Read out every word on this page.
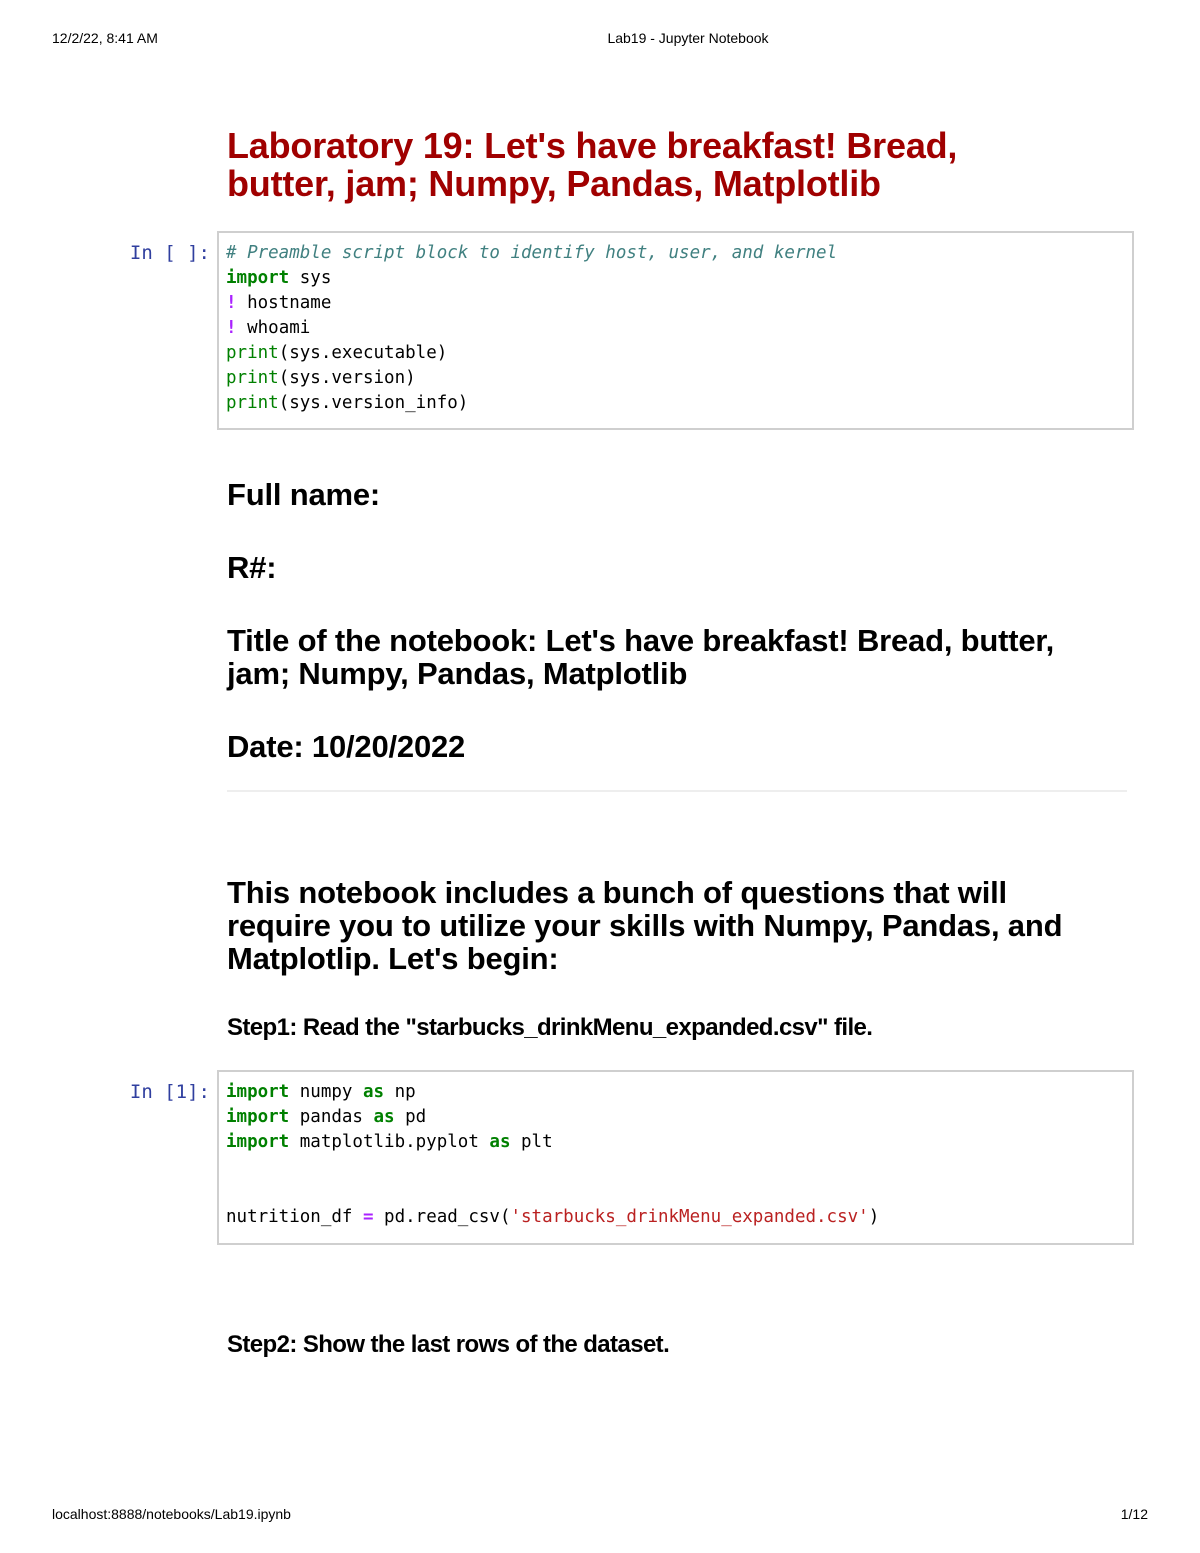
12/2/22, 8:41 AM	Lab19 - Jupyter Notebook
Laboratory 19: Let's have breakfast! Bread,
butter, jam; Numpy, Pandas, Matplotlib
In [ ]: # Preamble script block to identify host, user, and kernel
import sys
! hostname
! whoami
print(sys.executable)
print(sys.version)
print(sys.version_info)
Full name:
R#:
Title of the notebook: Let's have breakfast! Bread, butter,
jam; Numpy, Pandas, Matplotlib
Date: 10/20/2022
This notebook includes a bunch of questions that will
require you to utilize your skills with Numpy, Pandas, and
Matplotlip. Let's begin:
Step1: Read the "starbucks_drinkMenu_expanded.csv" file.
In [1]: import numpy as np
import pandas as pd
import matplotlib.pyplot as plt

nutrition_df = pd.read_csv('starbucks_drinkMenu_expanded.csv')
Step2: Show the last rows of the dataset.
localhost:8888/notebooks/Lab19.ipynb	1/12
